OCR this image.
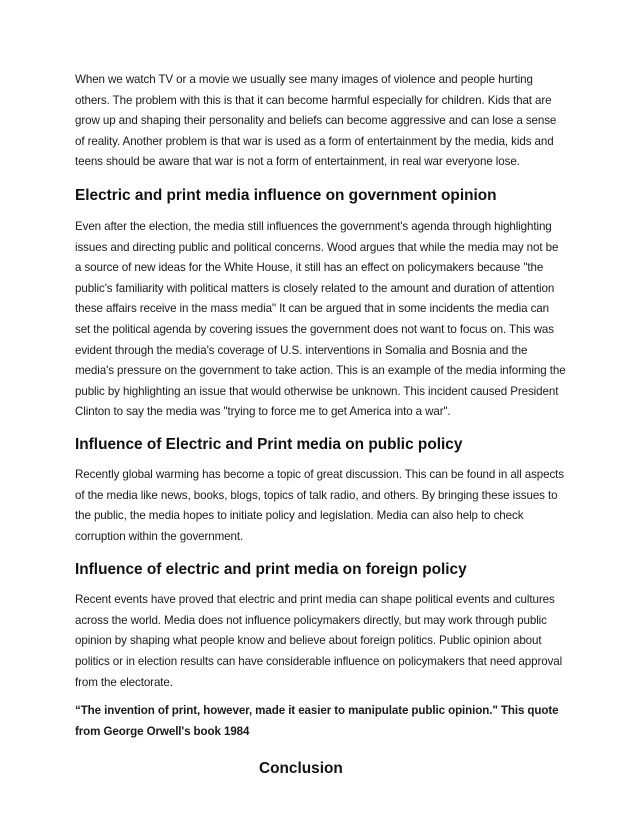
When we watch TV or a movie we usually see many images of violence and people hurting others. The problem with this is that it can become harmful especially for children. Kids that are grow up and shaping their personality and beliefs can become aggressive and can lose a sense of reality. Another problem is that war is used as a form of entertainment by the media, kids and teens should be aware that war is not a form of entertainment, in real war everyone lose.

Electric and print media influence on government opinion

Even after the election, the media still influences the government's agenda through highlighting issues and directing public and political concerns. Wood argues that while the media may not be a source of new ideas for the White House, it still has an effect on policymakers because "the public's familiarity with political matters is closely related to the amount and duration of attention these affairs receive in the mass media" It can be argued that in some incidents the media can set the political agenda by covering issues the government does not want to focus on. This was evident through the media's coverage of U.S. interventions in Somalia and Bosnia and the media's pressure on the government to take action. This is an example of the media informing the public by highlighting an issue that would otherwise be unknown. This incident caused President Clinton to say the media was "trying to force me to get America into a war".

Influence of Electric and Print media on public policy

Recently global warming has become a topic of great discussion. This can be found in all aspects of the media like news, books, blogs, topics of talk radio, and others. By bringing these issues to the public, the media hopes to initiate policy and legislation. Media can also help to check corruption within the government.

Influence of electric and print media on foreign policy

Recent events have proved that electric and print media can shape political events and cultures across the world. Media does not influence policymakers directly, but may work through public opinion by shaping what people know and believe about foreign politics. Public opinion about politics or in election results can have considerable influence on policymakers that need approval from the electorate.

“The invention of print, however, made it easier to manipulate public opinion." This quote from George Orwell's book 1984

Conclusion
